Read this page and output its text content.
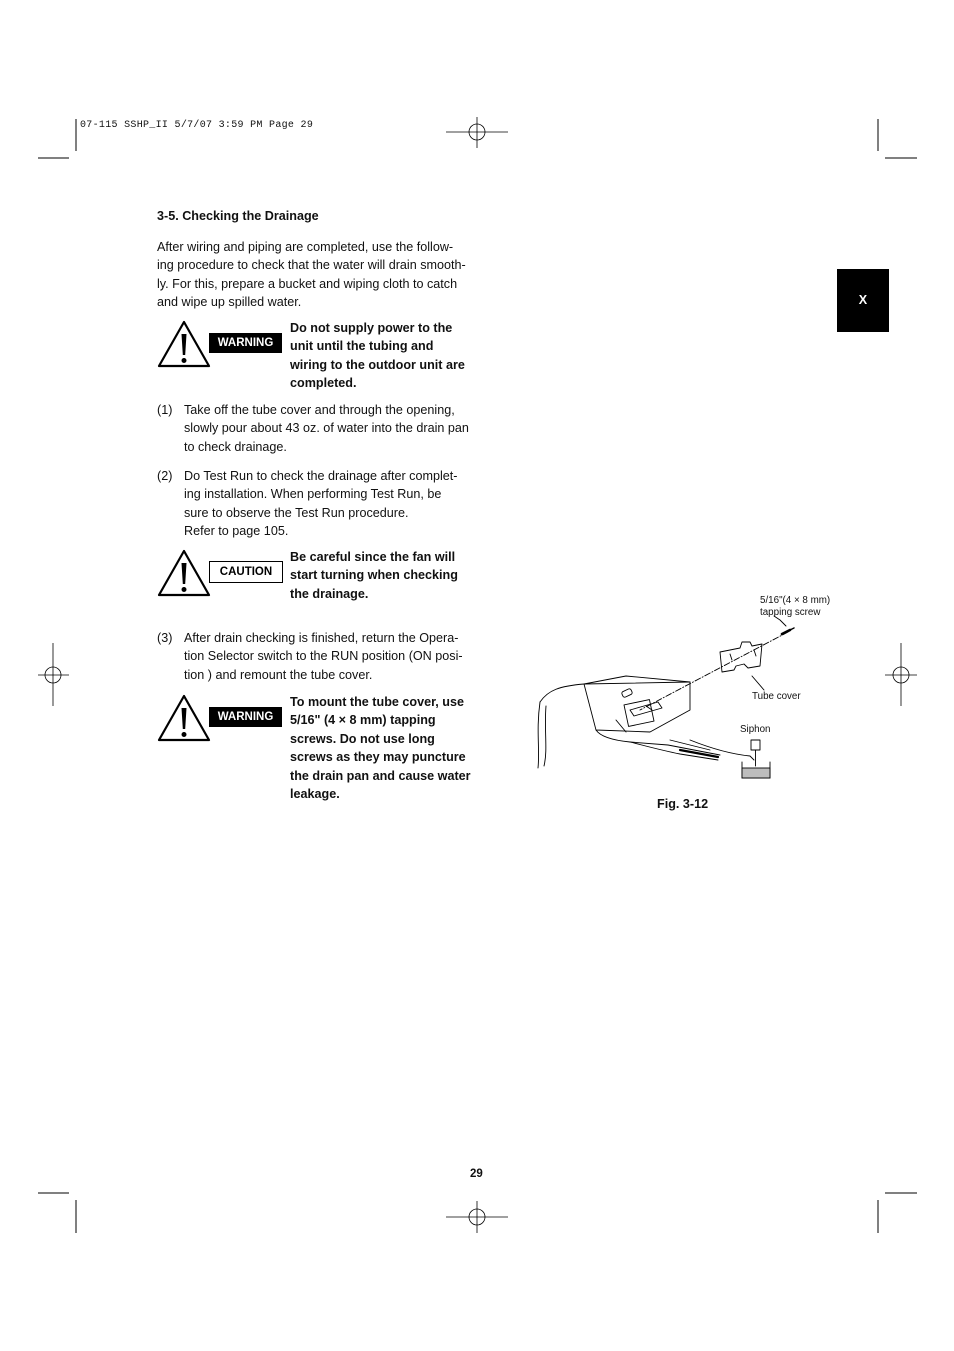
07-115 SSHP_II 5/7/07 3:59 PM Page 29
X
3-5. Checking the Drainage
After wiring and piping are completed, use the follow-
ing procedure to check that the water will drain smooth-
ly. For this, prepare a bucket and wiping cloth to catch
and wipe up spilled water.
WARNING
Do not supply power to the
unit until the tubing and
wiring to the outdoor unit are
completed.
(1) Take off the tube cover and through the opening,
slowly pour about 43 oz. of water into the drain pan
to check drainage.
(2) Do Test Run to check the drainage after complet-
ing installation. When performing Test Run, be
sure to observe the Test Run procedure.
Refer to page 105.
CAUTION
Be careful since the fan will
start turning when checking
the drainage.
(3) After drain checking is finished, return the Opera-
tion Selector switch to the RUN position (ON posi-
tion ) and remount the tube cover.
WARNING
To mount the tube cover, use
5/16" (4 × 8 mm) tapping
screws. Do not use long
screws as they may puncture
the drain pan and cause water
leakage.
5/16"(4 × 8 mm)
tapping screw
Tube cover
Siphon
Fig. 3-12
29
